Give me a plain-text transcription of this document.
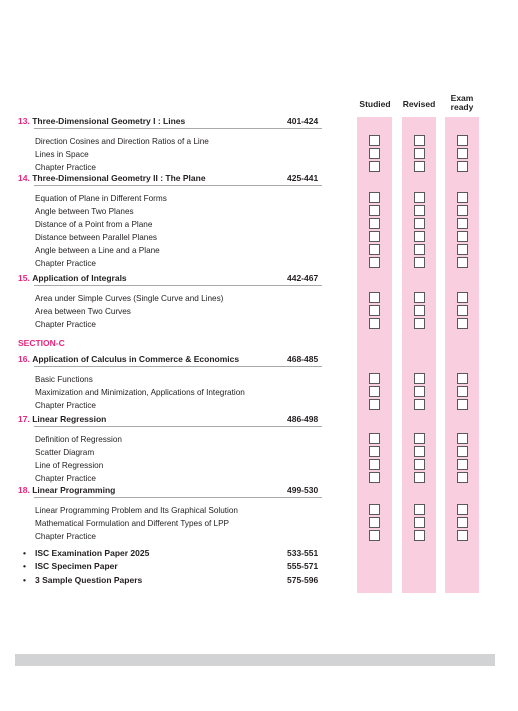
Studied	Revised
Exam
ready
SECTION-C
13. Three-Dimensional Geometry I : Lines	401-424
Direction Cosines and Direction Ratios of a Line
Lines in Space
Chapter Practice
14. Three-Dimensional Geometry II : The Plane	425-441
Equation of Plane in Different Forms
Angle between Two Planes
Distance of a Point from a Plane
Distance between Parallel Planes
Angle between a Line and a Plane
Chapter Practice
15. Application of Integrals	442-467
Area under Simple Curves (Single Curve and Lines)
Area between Two Curves
Chapter Practice
16. Application of Calculus in Commerce & Economics	468-485
Basic Functions
Maximization and Minimization, Applications of Integration
Chapter Practice
17. Linear Regression	486-498
Definition of Regression
Scatter Diagram
Line of Regression
Chapter Practice
18. Linear Programming	499-530
Linear Programming Problem and Its Graphical Solution
Mathematical Formulation and Different Types of LPP
Chapter Practice
• ISC Examination Paper 2025	533-551
• ISC Specimen Paper	555-571
• 3 Sample Question Papers	575-596
